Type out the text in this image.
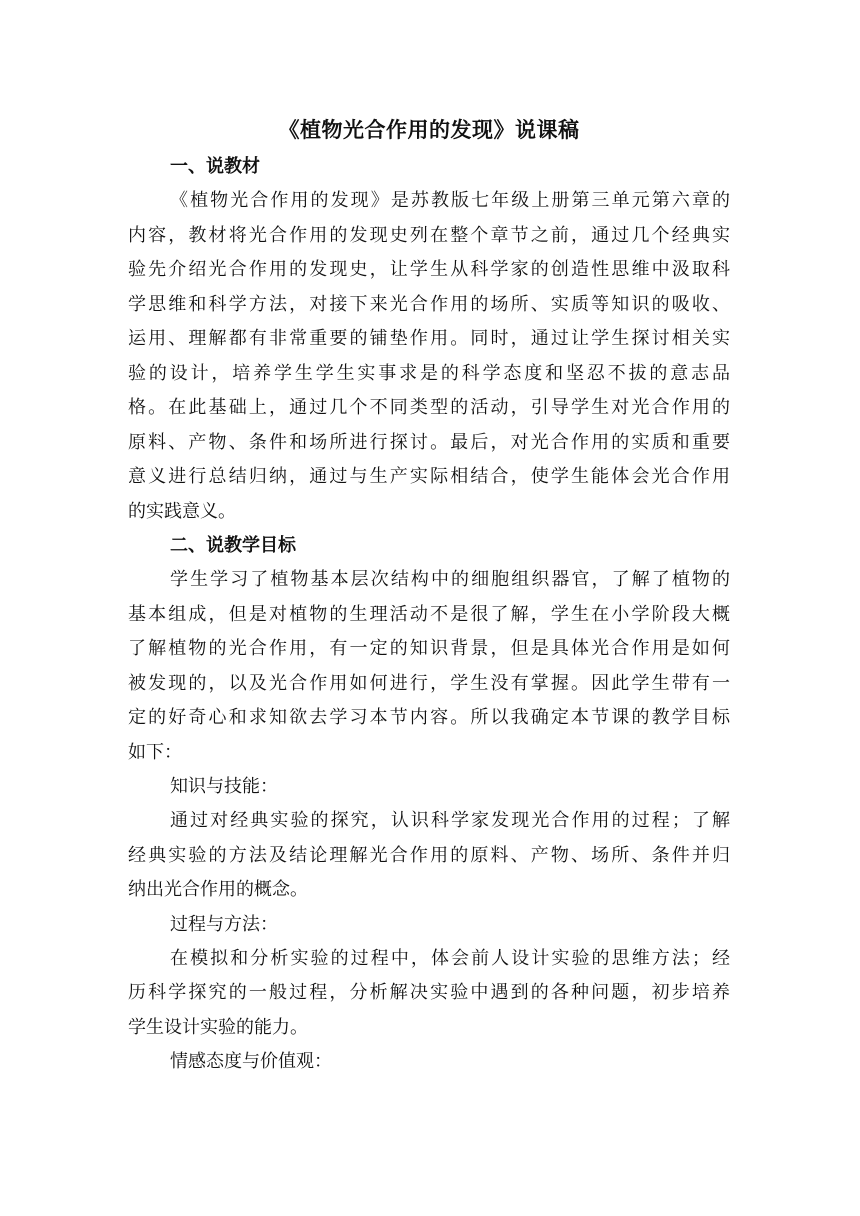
《植物光合作用的发现》说课稿
一、说教材
《植物光合作用的发现》是苏教版七年级上册第三单元第六章的
内容，教材将光合作用的发现史列在整个章节之前，通过几个经典实
验先介绍光合作用的发现史，让学生从科学家的创造性思维中汲取科
学思维和科学方法，对接下来光合作用的场所、实质等知识的吸收、
运用、理解都有非常重要的铺垫作用。同时，通过让学生探讨相关实
验的设计，培养学生学生实事求是的科学态度和坚忍不拔的意志品
格。在此基础上，通过几个不同类型的活动，引导学生对光合作用的
原料、产物、条件和场所进行探讨。最后，对光合作用的实质和重要
意义进行总结归纳，通过与生产实际相结合，使学生能体会光合作用
的实践意义。
二、说教学目标
学生学习了植物基本层次结构中的细胞组织器官，了解了植物的
基本组成，但是对植物的生理活动不是很了解，学生在小学阶段大概
了解植物的光合作用，有一定的知识背景，但是具体光合作用是如何
被发现的，以及光合作用如何进行，学生没有掌握。因此学生带有一
定的好奇心和求知欲去学习本节内容。所以我确定本节课的教学目标
如下：

知识与技能：

通过对经典实验的探究，认识科学家发现光合作用的过程；了解
经典实验的方法及结论理解光合作用的原料、产物、场所、条件并归
纳出光合作用的概念。

过程与方法：

在模拟和分析实验的过程中，体会前人设计实验的思维方法；经
历科学探究的一般过程，分析解决实验中遇到的各种问题，初步培养
学生设计实验的能力。

情感态度与价值观：
